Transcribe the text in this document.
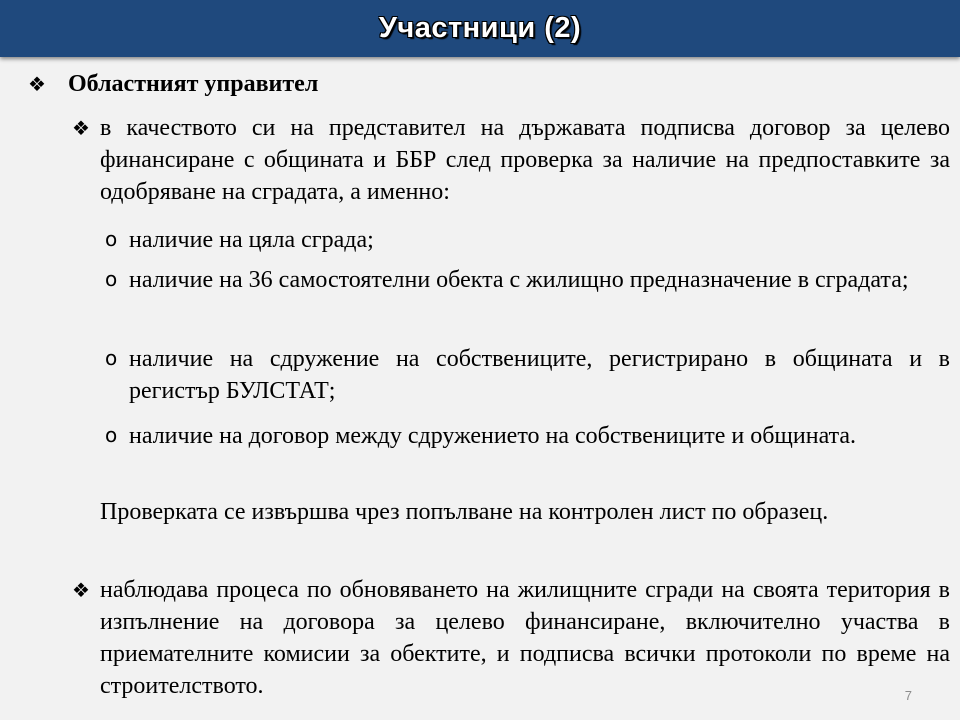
Участници (2)
❖ Областният управител
❖ в качеството си на представител на държавата подписва договор за целево финансиране с общината и ББР след проверка за наличие на предпоставките за одобряване на сградата, а именно:
o наличие на цяла сграда;
o наличие на 36 самостоятелни обекта с жилищно предназначение в сградата;
o наличие на сдружение на собствениците, регистрирано в общината и в регистър БУЛСТАТ;
o наличие на договор между сдружението на собствениците и общината.
Проверката се извършва чрез попълване на контролен лист по образец.
❖ наблюдава процеса по обновяването на жилищните сгради на своята територия в изпълнение на договора за целево финансиране, включително участва в приемателните комисии за обектите, и подписва всички протоколи по време на строителството.	7
